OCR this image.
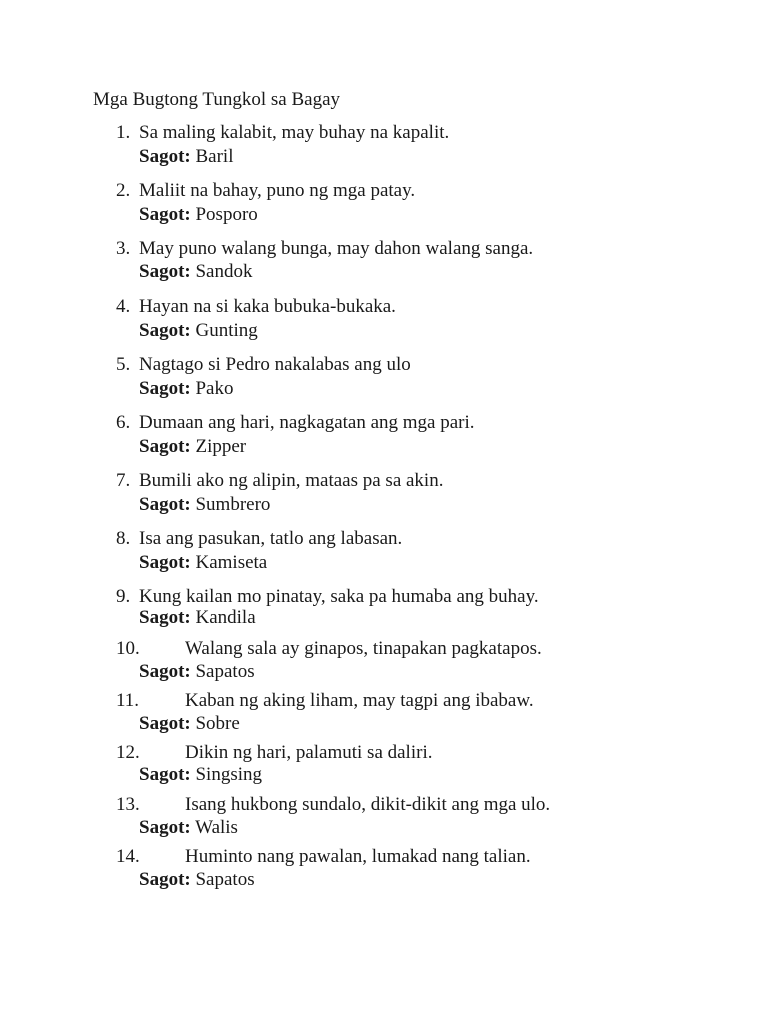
Mga Bugtong Tungkol sa Bagay
1. Sa maling kalabit, may buhay na kapalit.
Sagot: Baril
2. Maliit na bahay, puno ng mga patay.
Sagot: Posporo
3. May puno walang bunga, may dahon walang sanga.
Sagot: Sandok
4. Hayan na si kaka bubuka-bukaka.
Sagot: Gunting
5. Nagtago si Pedro nakalabas ang ulo
Sagot: Pako
6. Dumaan ang hari, nagkagatan ang mga pari.
Sagot: Zipper
7. Bumili ako ng alipin, mataas pa sa akin.
Sagot: Sumbrero
8. Isa ang pasukan, tatlo ang labasan.
Sagot: Kamiseta
9. Kung kailan mo pinatay, saka pa humaba ang buhay.
Sagot: Kandila
10. Walang sala ay ginapos, tinapakan pagkatapos.
Sagot: Sapatos
11. Kaban ng aking liham, may tagpi ang ibabaw.
Sagot: Sobre
12. Dikin ng hari, palamuti sa daliri.
Sagot: Singsing
13. Isang hukbong sundalo, dikit-dikit ang mga ulo.
Sagot: Walis
14. Huminto nang pawalan, lumakad nang talian.
Sagot: Sapatos
